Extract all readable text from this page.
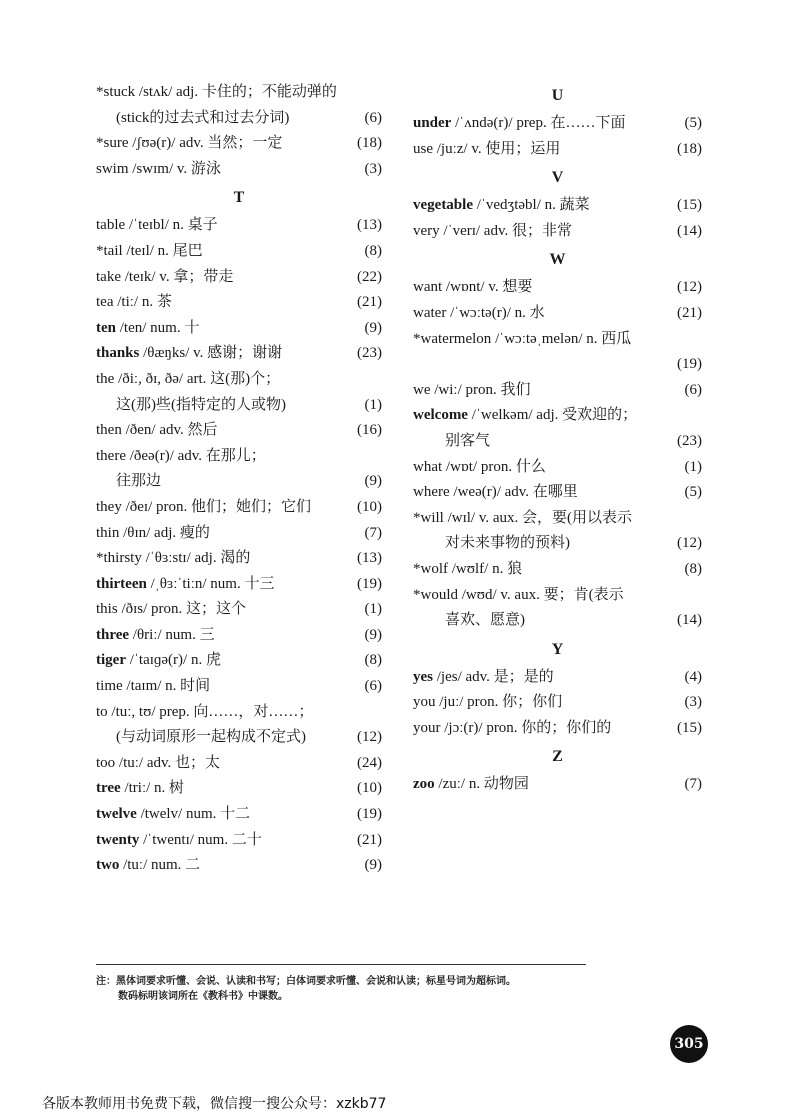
*stuck /stʌk/ adj. 卡住的；不能动弹的
(stick的过去式和过去分词)	(6)
*sure /ʃʊə(r)/ adv. 当然；一定	(18)
swim /swɪm/ v. 游泳	(3)
T
table /ˈteɪbl/ n. 桌子	(13)
*tail /teɪl/ n. 尾巴	(8)
take /teɪk/ v. 拿；带走	(22)
tea /tiː/ n. 茶	(21)
ten /ten/ num. 十	(9)
thanks /θæŋks/ v. 感谢；谢谢	(23)
the /ðiː, ðɪ, ðə/ art. 这(那)个；
这(那)些(指特定的人或物)	(1)
then /ðen/ adv. 然后	(16)
there /ðeə(r)/ adv. 在那儿；
往那边	(9)
they /ðeɪ/ pron. 他们；她们；它们	(10)
thin /θɪn/ adj. 瘦的	(7)
*thirsty /ˈθɜːstɪ/ adj. 渴的	(13)
thirteen /ˌθɜːˈtiːn/ num. 十三	(19)
this /ðɪs/ pron. 这；这个	(1)
three /θriː/ num. 三	(9)
tiger /ˈtaɪɡə(r)/ n. 虎	(8)
time /taɪm/ n. 时间	(6)
to /tuː, tʊ/ prep. 向……，对……；
(与动词原形一起构成不定式)	(12)
too /tuː/ adv. 也；太	(24)
tree /triː/ n. 树	(10)
twelve /twelv/ num. 十二	(19)
twenty /ˈtwentɪ/ num. 二十	(21)
two /tuː/ num. 二	(9)
U
under /ˈʌndə(r)/ prep. 在……下面	(5)
use /juːz/ v. 使用；运用	(18)
V
vegetable /ˈvedʒtəbl/ n. 蔬菜	(15)
very /ˈverɪ/ adv. 很；非常	(14)
W
want /wɒnt/ v. 想要	(12)
water /ˈwɔːtə(r)/ n. 水	(21)
*watermelon /ˈwɔːtəˌmelən/ n. 西瓜
(19)
we /wiː/ pron. 我们	(6)
welcome /ˈwelkəm/ adj. 受欢迎的；
别客气	(23)
what /wɒt/ pron. 什么	(1)
where /weə(r)/ adv. 在哪里	(5)
*will /wɪl/ v. aux. 会，要(用以表示
对未来事物的预料)	(12)
*wolf /wʊlf/ n. 狼	(8)
*would /wʊd/ v. aux. 要；肯(表示
喜欢、愿意)	(14)
Y
yes /jes/ adv. 是；是的	(4)
you /juː/ pron. 你；你们	(3)
your /jɔː(r)/ pron. 你的；你们的	(15)
Z
zoo /zuː/ n. 动物园	(7)
注：黑体词要求听懂、会说、认读和书写；白体词要求听懂、会说和认读；标星号词为超标词。
数码标明该词所在《教科书》中课数。
305
各版本教师用书免费下载，微信搜一搜公众号：xzkb77
